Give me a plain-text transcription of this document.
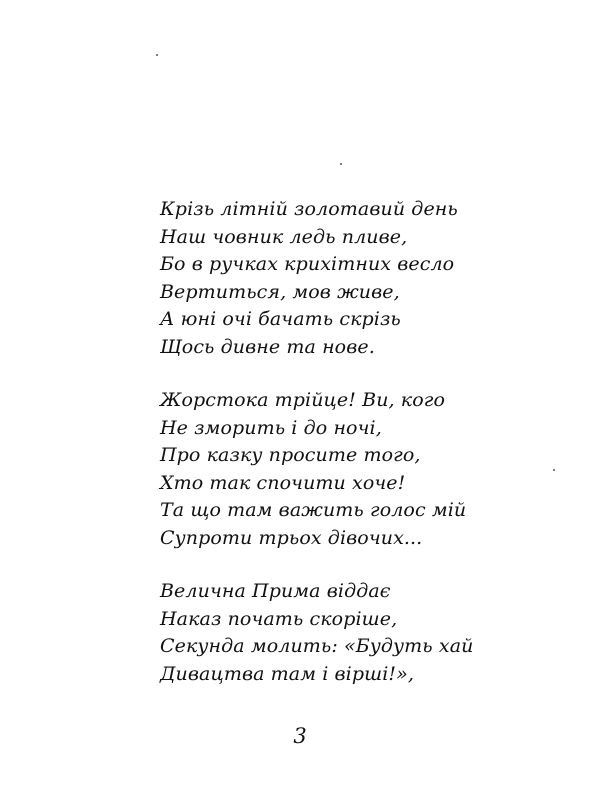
Крізь літній золотавий день
Наш човник ледь пливе,
Бо в ручках крихітних весло
Вертиться, мов живе,
А юні очі бачать скрізь
Щось дивне та нове.
Жорстока трійце! Ви, кого
Не зморить і до ночі,
Про казку просите того,
Хто так спочити хоче!
Та що там важить голос мій
Супроти трьох дівочих...
Велична Прима віддає
Наказ почать скоріше,
Секунда молить: «Будуть хай
Дивацтва там і вірші!»,
3
